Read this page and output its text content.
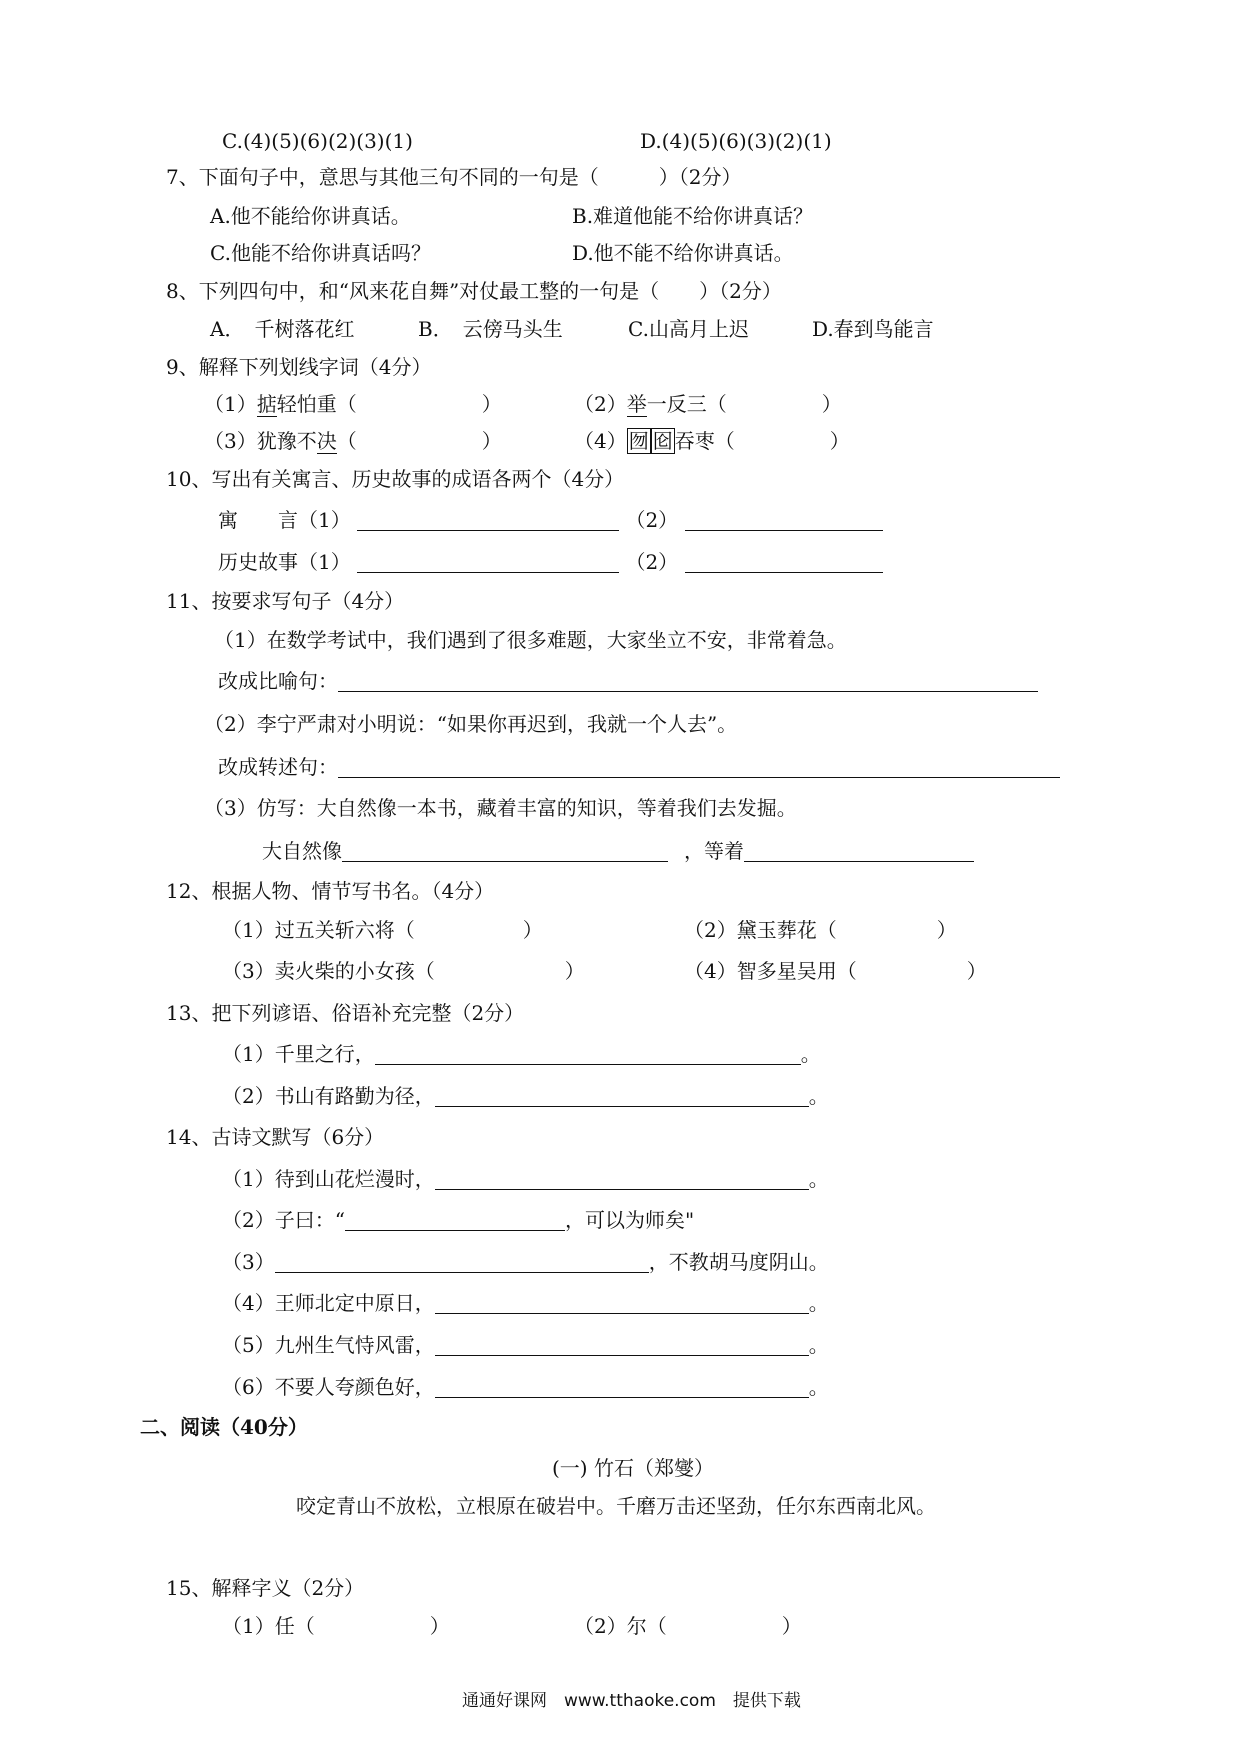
C.(4)(5)(6)(2)(3)(1)	D.(4)(5)(6)(3)(2)(1)
7、下面句子中，意思与其他三句不同的一句是（　　　）（2分）
A.他不能给你讲真话。	B.难道他能不给你讲真话？
C.他能不给你讲真话吗？	D.他不能不给你讲真话。
8、下列四句中，和“风来花自舞”对仗最工整的一句是（　　）（2分）
A．　千树落花红	B．　云傍马头生	C.山高月上迟	D.春到鸟能言
9、解释下列划线字词（4分）
（1）掂轻怕重（	）	（2）举一反三（	）
（3）犹豫不决（	）	（4） 囫 囵 吞枣（	）
10、写出有关寓言、历史故事的成语各两个（4分）
寓　　言（1）	（2）
历史故事（1）	（2）
11、按要求写句子（4分）
（1）在数学考试中，我们遇到了很多难题，大家坐立不安，非常着急。
改成比喻句：
（2）李宁严肃对小明说：“如果你再迟到，我就一个人去”。
改成转述句：
（3）仿写：大自然像一本书，藏着丰富的知识，等着我们去发掘。
大自然像	，等着
12、根据人物、情节写书名。（4分）
（1）过五关斩六将（	）	（2）黛玉葬花（	）
（3）卖火柴的小女孩（	）	（4）智多星吴用（	）
13、把下列谚语、俗语补充完整（2分）
（1）千里之行，	。
（2）书山有路勤为径，	。
14、古诗文默写（6分）
（1）待到山花烂漫时，	。
（2）子曰：“	，可以为师矣"
（3）	，不教胡马度阴山。
（4）王师北定中原日，	。
（5）九州生气恃风雷，	。
（6）不要人夸颜色好，	。
二、阅读（40分）
(一) 竹石（郑燮）
咬定青山不放松，立根原在破岩中。千磨万击还坚劲，任尔东西南北风。
15、解释字义（2分）
（1）任（	）	（2）尔（	）
通通好课网　www.tthaoke.com　提供下载
